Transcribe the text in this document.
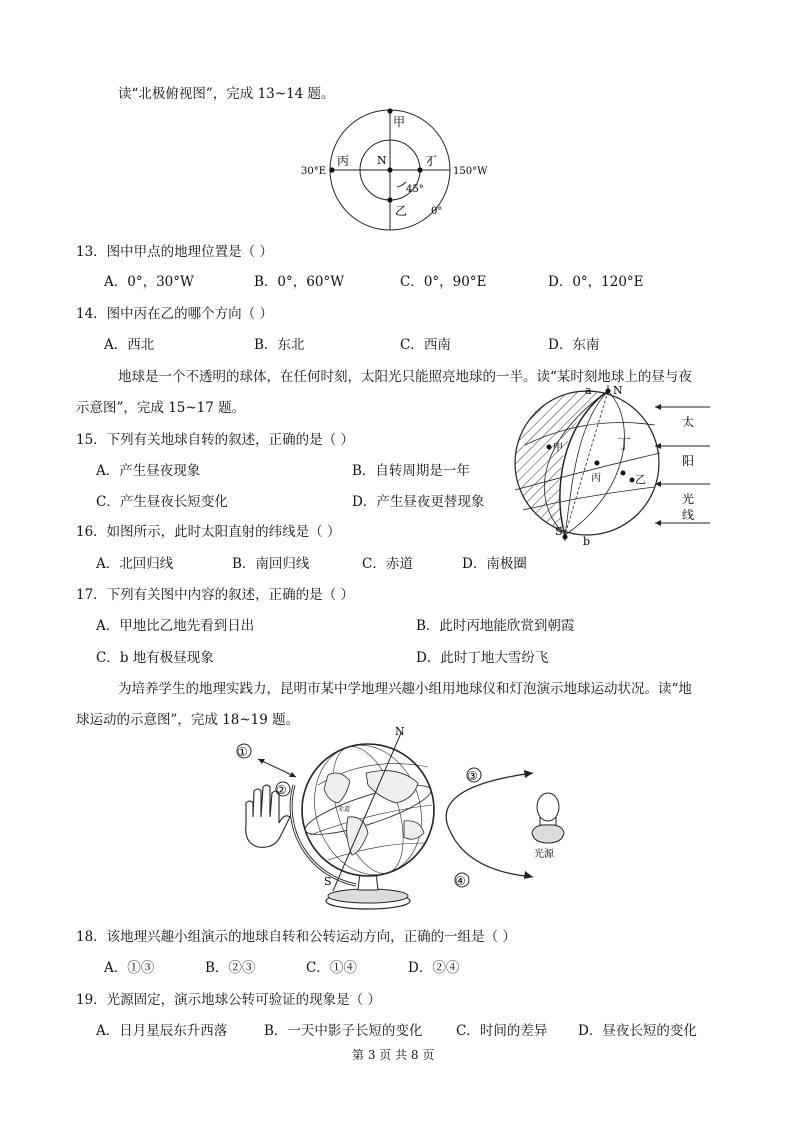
读“北极俯视图”，完成 13~14 题。
甲
N
丙	丁
乙
30°E	150°W
45°
0°
13．图中甲点的地理位置是（ ）
A．0°，30°W	B．0°，60°W	C．0°，90°E	D．0°，120°E
14．图中丙在乙的哪个方向（ ）
A．西北	B．东北	C．西南	D．东南
地球是一个不透明的球体，在任何时刻，太阳光只能照亮地球的一半。读“某时刻地球上的昼与夜
示意图”，完成 15~17 题。
a N
S
b
甲
丙
丁
乙
太
阳
光
线
15．下列有关地球自转的叙述，正确的是（ ）
A．产生昼夜现象	B．自转周期是一年
C．产生昼夜长短变化	D．产生昼夜更替现象
16．如图所示，此时太阳直射的纬线是（ ）
A．北回归线	B．南回归线	C．赤道	D．南极圈
17．下列有关图中内容的叙述，正确的是（ ）
A．甲地比乙地先看到日出	B．此时丙地能欣赏到朝霞
C．b 地有极昼现象	D．此时丁地大雪纷飞
为培养学生的地理实践力，昆明市某中学地理兴趣小组用地球仪和灯泡演示地球运动状况。读“地
球运动的示意图”，完成 18~19 题。
①
②
赤道
N
S
③
④
光源
18．该地理兴趣小组演示的地球自转和公转运动方向，正确的一组是（ ）
A．①③	B．②③	C．①④	D．②④
19．光源固定，演示地球公转可验证的现象是（ ）
A．日月星辰东升西落	B．一天中影子长短的变化 C．时间的差异 D．昼夜长短的变化
第 3 页 共 8 页
